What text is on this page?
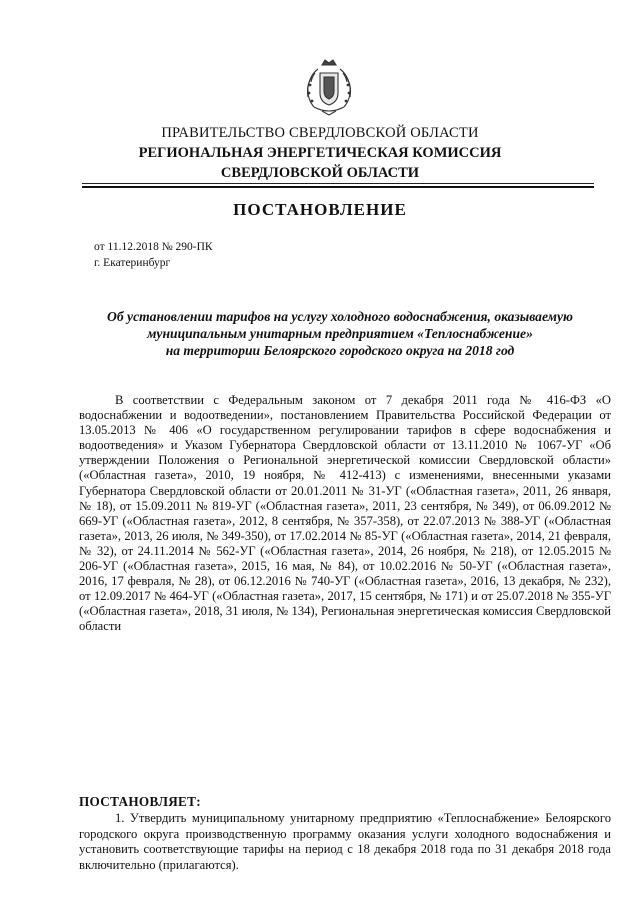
ПРАВИТЕЛЬСТВО СВЕРДЛОВСКОЙ ОБЛАСТИ
РЕГИОНАЛЬНАЯ ЭНЕРГЕТИЧЕСКАЯ КОМИССИЯ
СВЕРДЛОВСКОЙ ОБЛАСТИ
ПОСТАНОВЛЕНИЕ
от 11.12.2018 № 290-ПК
г. Екатеринбург
Об установлении тарифов на услугу холодного водоснабжения, оказываемую
муниципальным унитарным предприятием «Теплоснабжение»
на территории Белоярского городского округа на 2018 год
В соответствии с Федеральным законом от 7 декабря 2011 года № 416-ФЗ «О водоснабжении и водоотведении», постановлением Правительства Российской Федерации от 13.05.2013 № 406 «О государственном регулировании тарифов в сфере водоснабжения и водоотведения» и Указом Губернатора Свердловской области от 13.11.2010 № 1067-УГ «Об утверждении Положения о Региональной энергетической комиссии Свердловской области» («Областная газета», 2010, 19 ноября, № 412-413) с изменениями, внесенными указами Губернатора Свердловской области от 20.01.2011 № 31-УГ («Областная газета», 2011, 26 января, № 18), от 15.09.2011 № 819-УГ («Областная газета», 2011, 23 сентября, № 349), от 06.09.2012 № 669-УГ («Областная газета», 2012, 8 сентября, № 357-358), от 22.07.2013 № 388-УГ («Областная газета», 2013, 26 июля, № 349-350), от 17.02.2014 № 85-УГ («Областная газета», 2014, 21 февраля, № 32), от 24.11.2014 № 562-УГ («Областная газета», 2014, 26 ноября, № 218), от 12.05.2015 № 206-УГ («Областная газета», 2015, 16 мая, № 84), от 10.02.2016 № 50-УГ («Областная газета», 2016, 17 февраля, № 28), от 06.12.2016 № 740-УГ («Областная газета», 2016, 13 декабря, № 232), от 12.09.2017 № 464-УГ («Областная газета», 2017, 15 сентября, № 171) и от 25.07.2018 № 355-УГ («Областная газета», 2018, 31 июля, № 134), Региональная энергетическая комиссия Свердловской области
ПОСТАНОВЛЯЕТ:
1. Утвердить муниципальному унитарному предприятию «Теплоснабжение» Белоярского городского округа производственную программу оказания услуги холодного водоснабжения и установить соответствующие тарифы на период с 18 декабря 2018 года по 31 декабря 2018 года включительно (прилагаются).
